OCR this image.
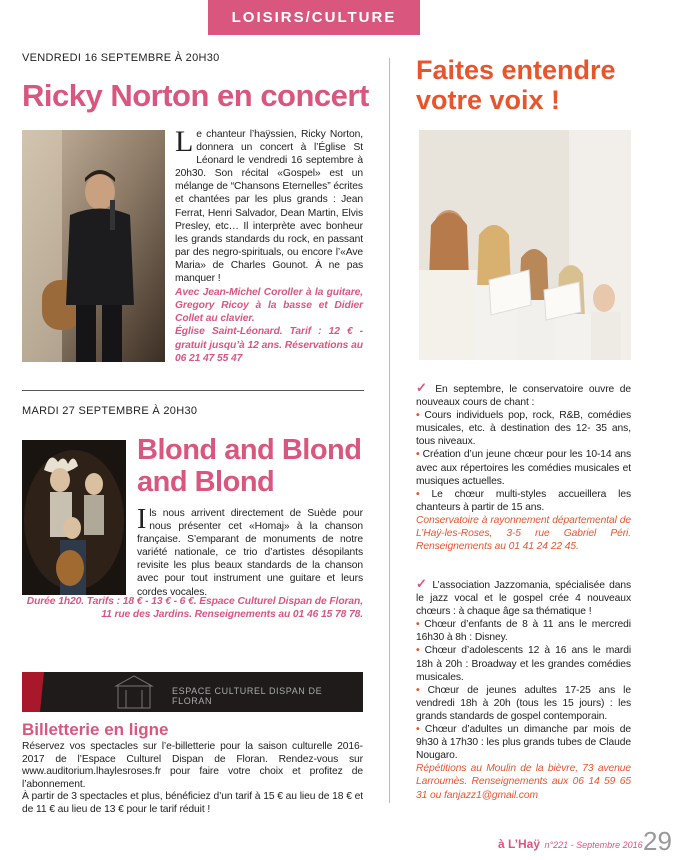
LOISIRS/CULTURE
VENDREDI 16 SEPTEMBRE À 20H30
Ricky Norton en concert
L e chanteur l’haÿssien, Ricky Norton, donnera un concert à l’Église St Léonard le vendredi 16 septembre à 20h30. Son récital «Gospel» est un mélange de “Chansons Eternelles” écrites et chantées par les plus grands : Jean Ferrat, Henri Salvador, Dean Martin, Elvis Presley, etc… Il interprète avec bonheur les grands standards du rock, en passant par des negro-spirituals, ou encore l’«Ave Maria» de Charles Gounot. À ne pas manquer !

Avec Jean-Michel Coroller à la guitare, Gregory Ricoy à la basse et Didier Collet au clavier.

Église Saint-Léonard. Tarif : 12 € - gratuit jusqu’à 12 ans. Réservations au 06 21 47 55 47

MARDI 27 SEPTEMBRE À 20H30
Blond and Blond
and Blond
I ls nous arrivent directement de Suède pour nous présenter cet «Homaj» à la chanson française. S’emparant de monuments de notre variété nationale, ce trio d’artistes désopilants revisite les plus beaux standards de la chanson avec pour tout instrument une guitare et leurs cordes vocales.

Durée 1h20. Tarifs : 18 € - 13 € - 6 €. Espace Culturel Dispan de Floran, 11 rue des Jardins. Renseignements au 01 46 15 78 78.
ESPACE CULTUREL DISPAN DE FLORAN
Billetterie en ligne

Réservez vos spectacles sur l’e-billetterie pour la saison culturelle 2016-2017 de l’Espace Culturel Dispan de Floran. Rendez-vous sur www.auditorium.lhaylesroses.fr pour faire votre choix et profitez de l’abonnement.

À partir de 3 spectacles et plus, bénéficiez d’un tarif à 15 € au lieu de 18 € et de 11 € au lieu de 13 € pour le tarif réduit !

Faites entendre
votre voix !

✓ En septembre, le conservatoire ouvre de nouveaux cours de chant :

• Cours individuels pop, rock, R&B, comédies musicales, etc. à destination des 12- 35 ans, tous niveaux.

• Création d’un jeune chœur pour les 10-14 ans avec aux répertoires les comédies musicales et musiques actuelles.

• Le chœur multi-styles accueillera les chanteurs à partir de 15 ans.

Conservatoire à rayonnement départemental de L’Haÿ-les-Roses, 3-5 rue Gabriel Péri. Renseignements au 01 41 24 22 45.

✓ L’association Jazzomania, spécialisée dans le jazz vocal et le gospel crée 4 nouveaux chœurs : à chaque âge sa thématique !

• Chœur d’enfants de 8 à 11 ans le mercredi 16h30 à 8h : Disney.

• Chœur d’adolescents 12 à 16 ans le mardi 18h à 20h : Broadway et les grandes comédies musicales.

• Chœur de jeunes adultes 17-25 ans le vendredi 18h à 20h (tous les 15 jours) : les grands standards de gospel contemporain.

• Chœur d’adultes un dimanche par mois de 9h30 à 17h30 : les plus grands tubes de Claude Nougaro.

Répétitions au Moulin de la bièvre, 73 avenue Larroumès. Renseignements aux 06 14 59 65 31 ou fanjazz1@gmail.com

à L’Haÿ n°221 - Septembre 2016 29
